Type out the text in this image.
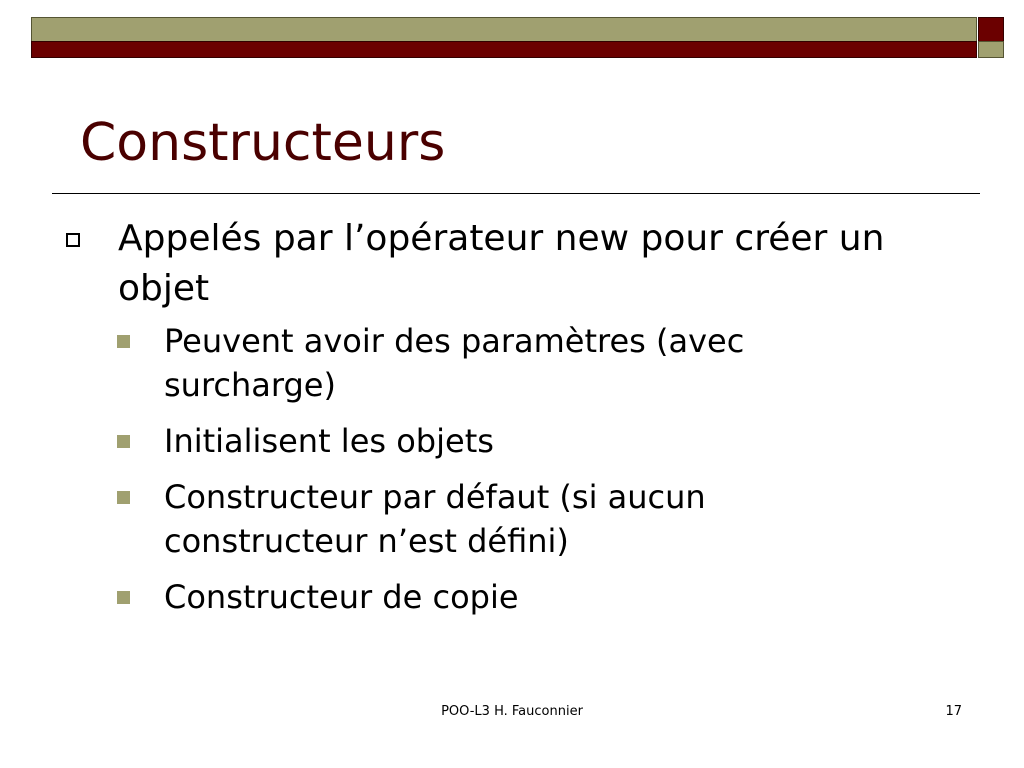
Constructeurs
Appelés par l’opérateur new pour créer un objet
Peuvent avoir des paramètres (avec surcharge)
Initialisent les objets
Constructeur par défaut (si aucun constructeur n’est défini)
Constructeur de copie
POO-L3 H. Fauconnier	17
